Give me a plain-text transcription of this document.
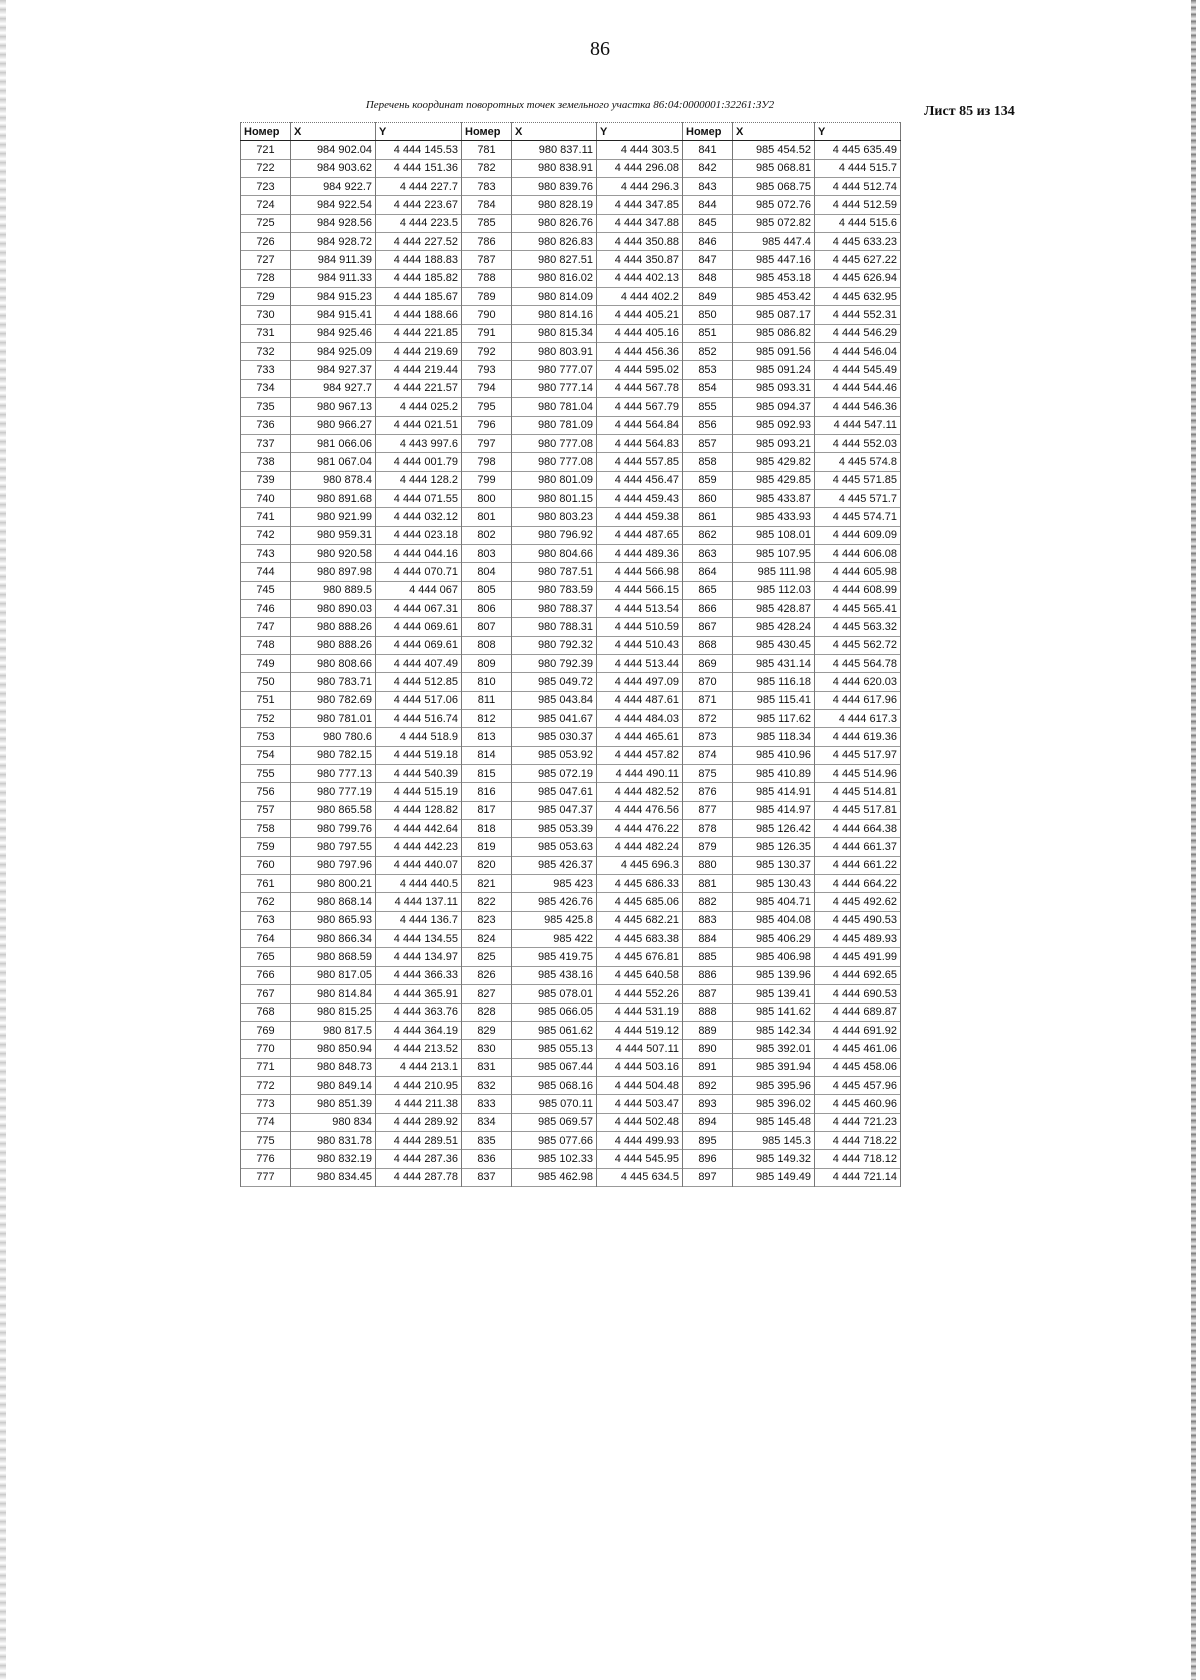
86
Перечень координат поворотных точек земельного участка 86:04:0000001:32261:ЗУ2	Лист 85 из 134
Номер	X	Y	Номер	X	Y	Номер	X	Y
721	984 902.04	4 444 145.53	781	980 837.11	4 444 303.5	841	985 454.52	4 445 635.49
722	984 903.62	4 444 151.36	782	980 838.91	4 444 296.08	842	985 068.81	4 444 515.7
723	984 922.7	4 444 227.7	783	980 839.76	4 444 296.3	843	985 068.75	4 444 512.74
724	984 922.54	4 444 223.67	784	980 828.19	4 444 347.85	844	985 072.76	4 444 512.59
725	984 928.56	4 444 223.5	785	980 826.76	4 444 347.88	845	985 072.82	4 444 515.6
726	984 928.72	4 444 227.52	786	980 826.83	4 444 350.88	846	985 447.4	4 445 633.23
727	984 911.39	4 444 188.83	787	980 827.51	4 444 350.87	847	985 447.16	4 445 627.22
728	984 911.33	4 444 185.82	788	980 816.02	4 444 402.13	848	985 453.18	4 445 626.94
729	984 915.23	4 444 185.67	789	980 814.09	4 444 402.2	849	985 453.42	4 445 632.95
730	984 915.41	4 444 188.66	790	980 814.16	4 444 405.21	850	985 087.17	4 444 552.31
731	984 925.46	4 444 221.85	791	980 815.34	4 444 405.16	851	985 086.82	4 444 546.29
732	984 925.09	4 444 219.69	792	980 803.91	4 444 456.36	852	985 091.56	4 444 546.04
733	984 927.37	4 444 219.44	793	980 777.07	4 444 595.02	853	985 091.24	4 444 545.49
734	984 927.7	4 444 221.57	794	980 777.14	4 444 567.78	854	985 093.31	4 444 544.46
735	980 967.13	4 444 025.2	795	980 781.04	4 444 567.79	855	985 094.37	4 444 546.36
736	980 966.27	4 444 021.51	796	980 781.09	4 444 564.84	856	985 092.93	4 444 547.11
737	981 066.06	4 443 997.6	797	980 777.08	4 444 564.83	857	985 093.21	4 444 552.03
738	981 067.04	4 444 001.79	798	980 777.08	4 444 557.85	858	985 429.82	4 445 574.8
739	980 878.4	4 444 128.2	799	980 801.09	4 444 456.47	859	985 429.85	4 445 571.85
740	980 891.68	4 444 071.55	800	980 801.15	4 444 459.43	860	985 433.87	4 445 571.7
741	980 921.99	4 444 032.12	801	980 803.23	4 444 459.38	861	985 433.93	4 445 574.71
742	980 959.31	4 444 023.18	802	980 796.92	4 444 487.65	862	985 108.01	4 444 609.09
743	980 920.58	4 444 044.16	803	980 804.66	4 444 489.36	863	985 107.95	4 444 606.08
744	980 897.98	4 444 070.71	804	980 787.51	4 444 566.98	864	985 111.98	4 444 605.98
745	980 889.5	4 444 067	805	980 783.59	4 444 566.15	865	985 112.03	4 444 608.99
746	980 890.03	4 444 067.31	806	980 788.37	4 444 513.54	866	985 428.87	4 445 565.41
747	980 888.26	4 444 069.61	807	980 788.31	4 444 510.59	867	985 428.24	4 445 563.32
748	980 888.26	4 444 069.61	808	980 792.32	4 444 510.43	868	985 430.45	4 445 562.72
749	980 808.66	4 444 407.49	809	980 792.39	4 444 513.44	869	985 431.14	4 445 564.78
750	980 783.71	4 444 512.85	810	985 049.72	4 444 497.09	870	985 116.18	4 444 620.03
751	980 782.69	4 444 517.06	811	985 043.84	4 444 487.61	871	985 115.41	4 444 617.96
752	980 781.01	4 444 516.74	812	985 041.67	4 444 484.03	872	985 117.62	4 444 617.3
753	980 780.6	4 444 518.9	813	985 030.37	4 444 465.61	873	985 118.34	4 444 619.36
754	980 782.15	4 444 519.18	814	985 053.92	4 444 457.82	874	985 410.96	4 445 517.97
755	980 777.13	4 444 540.39	815	985 072.19	4 444 490.11	875	985 410.89	4 445 514.96
756	980 777.19	4 444 515.19	816	985 047.61	4 444 482.52	876	985 414.91	4 445 514.81
757	980 865.58	4 444 128.82	817	985 047.37	4 444 476.56	877	985 414.97	4 445 517.81
758	980 799.76	4 444 442.64	818	985 053.39	4 444 476.22	878	985 126.42	4 444 664.38
759	980 797.55	4 444 442.23	819	985 053.63	4 444 482.24	879	985 126.35	4 444 661.37
760	980 797.96	4 444 440.07	820	985 426.37	4 445 696.3	880	985 130.37	4 444 661.22
761	980 800.21	4 444 440.5	821	985 423	4 445 686.33	881	985 130.43	4 444 664.22
762	980 868.14	4 444 137.11	822	985 426.76	4 445 685.06	882	985 404.71	4 445 492.62
763	980 865.93	4 444 136.7	823	985 425.8	4 445 682.21	883	985 404.08	4 445 490.53
764	980 866.34	4 444 134.55	824	985 422	4 445 683.38	884	985 406.29	4 445 489.93
765	980 868.59	4 444 134.97	825	985 419.75	4 445 676.81	885	985 406.98	4 445 491.99
766	980 817.05	4 444 366.33	826	985 438.16	4 445 640.58	886	985 139.96	4 444 692.65
767	980 814.84	4 444 365.91	827	985 078.01	4 444 552.26	887	985 139.41	4 444 690.53
768	980 815.25	4 444 363.76	828	985 066.05	4 444 531.19	888	985 141.62	4 444 689.87
769	980 817.5	4 444 364.19	829	985 061.62	4 444 519.12	889	985 142.34	4 444 691.92
770	980 850.94	4 444 213.52	830	985 055.13	4 444 507.11	890	985 392.01	4 445 461.06
771	980 848.73	4 444 213.1	831	985 067.44	4 444 503.16	891	985 391.94	4 445 458.06
772	980 849.14	4 444 210.95	832	985 068.16	4 444 504.48	892	985 395.96	4 445 457.96
773	980 851.39	4 444 211.38	833	985 070.11	4 444 503.47	893	985 396.02	4 445 460.96
774	980 834	4 444 289.92	834	985 069.57	4 444 502.48	894	985 145.48	4 444 721.23
775	980 831.78	4 444 289.51	835	985 077.66	4 444 499.93	895	985 145.3	4 444 718.22
776	980 832.19	4 444 287.36	836	985 102.33	4 444 545.95	896	985 149.32	4 444 718.12
777	980 834.45	4 444 287.78	837	985 462.98	4 445 634.5	897	985 149.49	4 444 721.14
